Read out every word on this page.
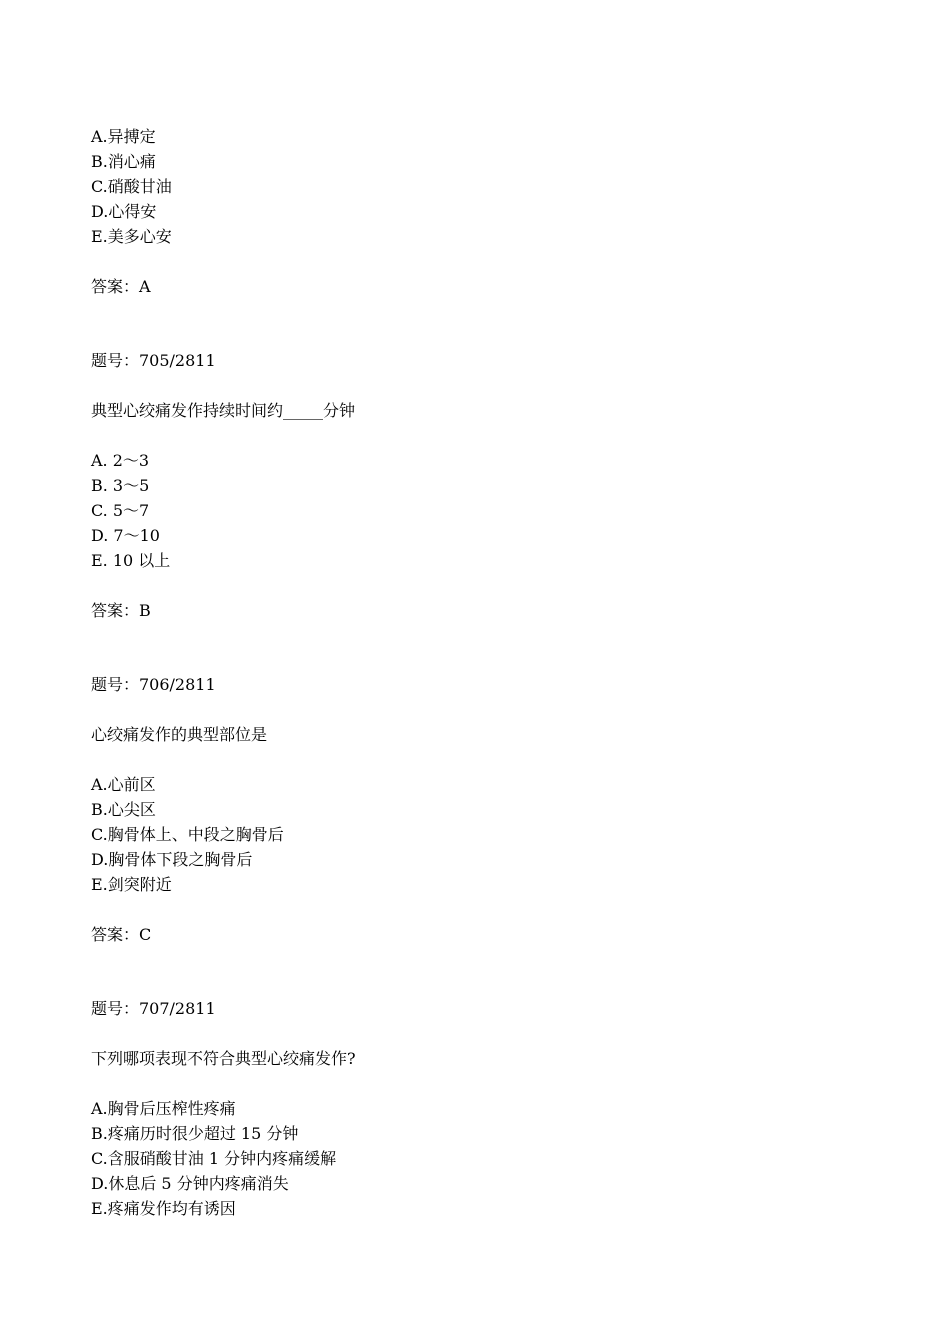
A.异搏定
B.消心痛
C.硝酸甘油
D.心得安
E.美多心安
答案：A
题号：705/2811
典型心绞痛发作持续时间约_____分钟
A. 2～3
B. 3～5
C. 5～7
D. 7～10
E. 10 以上
答案：B
题号：706/2811
心绞痛发作的典型部位是
A.心前区
B.心尖区
C.胸骨体上、中段之胸骨后
D.胸骨体下段之胸骨后
E.剑突附近
答案：C
题号：707/2811
下列哪项表现不符合典型心绞痛发作?
A.胸骨后压榨性疼痛
B.疼痛历时很少超过 15 分钟
C.含服硝酸甘油 1 分钟内疼痛缓解
D.休息后 5 分钟内疼痛消失
E.疼痛发作均有诱因
